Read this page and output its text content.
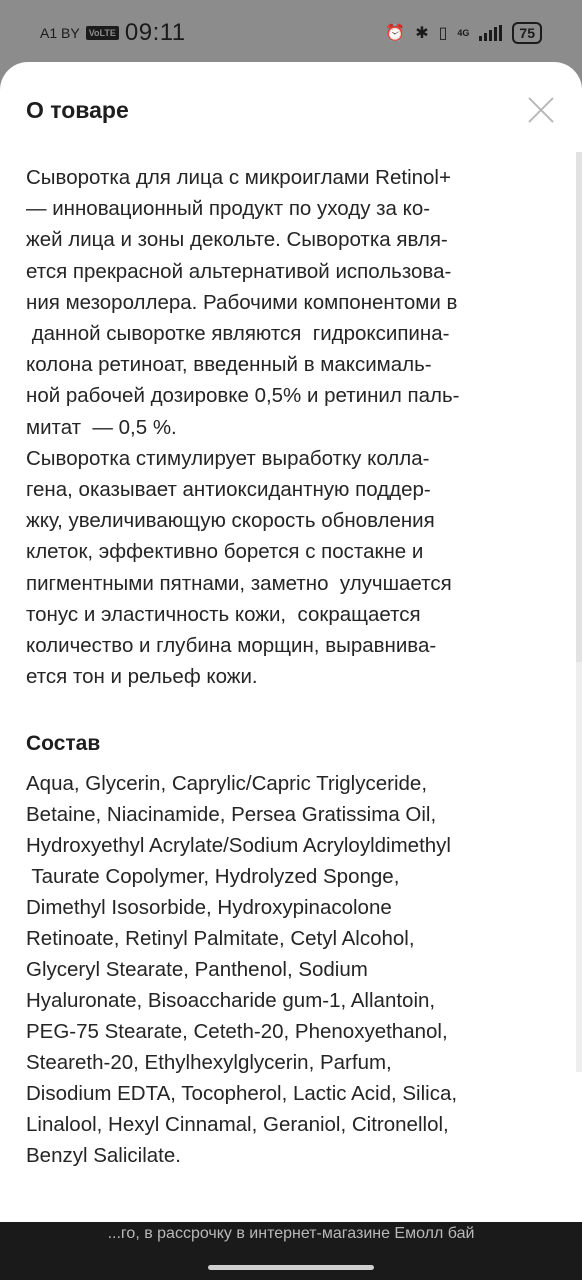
A1 BY	VoLTE 09:11	⏰ ✱ ▯ 4G	75
О товаре

Сыворотка для лица с микроиглами Retinol+

— инновационный продукт по уходу за ко-

жей лица и зоны декольте. Сыворотка явля-

ется прекрасной альтернативой использова-

ния мезороллера. Рабочими компонентоми в

данной сыворотке являются  гидроксипина-

колона ретиноат, введенный в максималь-

ной рабочей дозировке 0,5% и ретинил паль-

митат  — 0,5 %.

Сыворотка стимулирует выработку колла-

гена, оказывает антиоксидантную поддер-

жку, увеличивающую скорость обновления

клеток, эффективно борется с постакне и

пигментными пятнами, заметно  улучшается

тонус и эластичность кожи,  сокращается

количество и глубина морщин, выравнива-

ется тон и рельеф кожи.

Состав

Aqua, Glycerin, Caprylic/Capric Triglyceride,

Betaine, Niacinamide, Persea Gratissima Oil,

Hydroxyethyl Acrylate/Sodium Acryloyldimethyl

Taurate Copolymer, Hydrolyzed Sponge,

Dimethyl Isosorbide, Hydroxypinacolone

Retinoate, Retinyl Palmitate, Cetyl Alcohol,

Glyceryl Stearate, Panthenol, Sodium

Hyaluronate, Bisoaccharide gum-1, Allantoin,

PEG-75 Stearate, Ceteth-20, Phenoxyethanol,

Steareth-20, Ethylhexylglycerin, Parfum,

Disodium EDTA, Tocopherol, Lactic Acid, Silica,

Linalool, Hexyl Cinnamal, Geraniol, Citronellol,

Benzyl Salicilate.

...го, в рассрочку в интернет-магазине Емолл бай
